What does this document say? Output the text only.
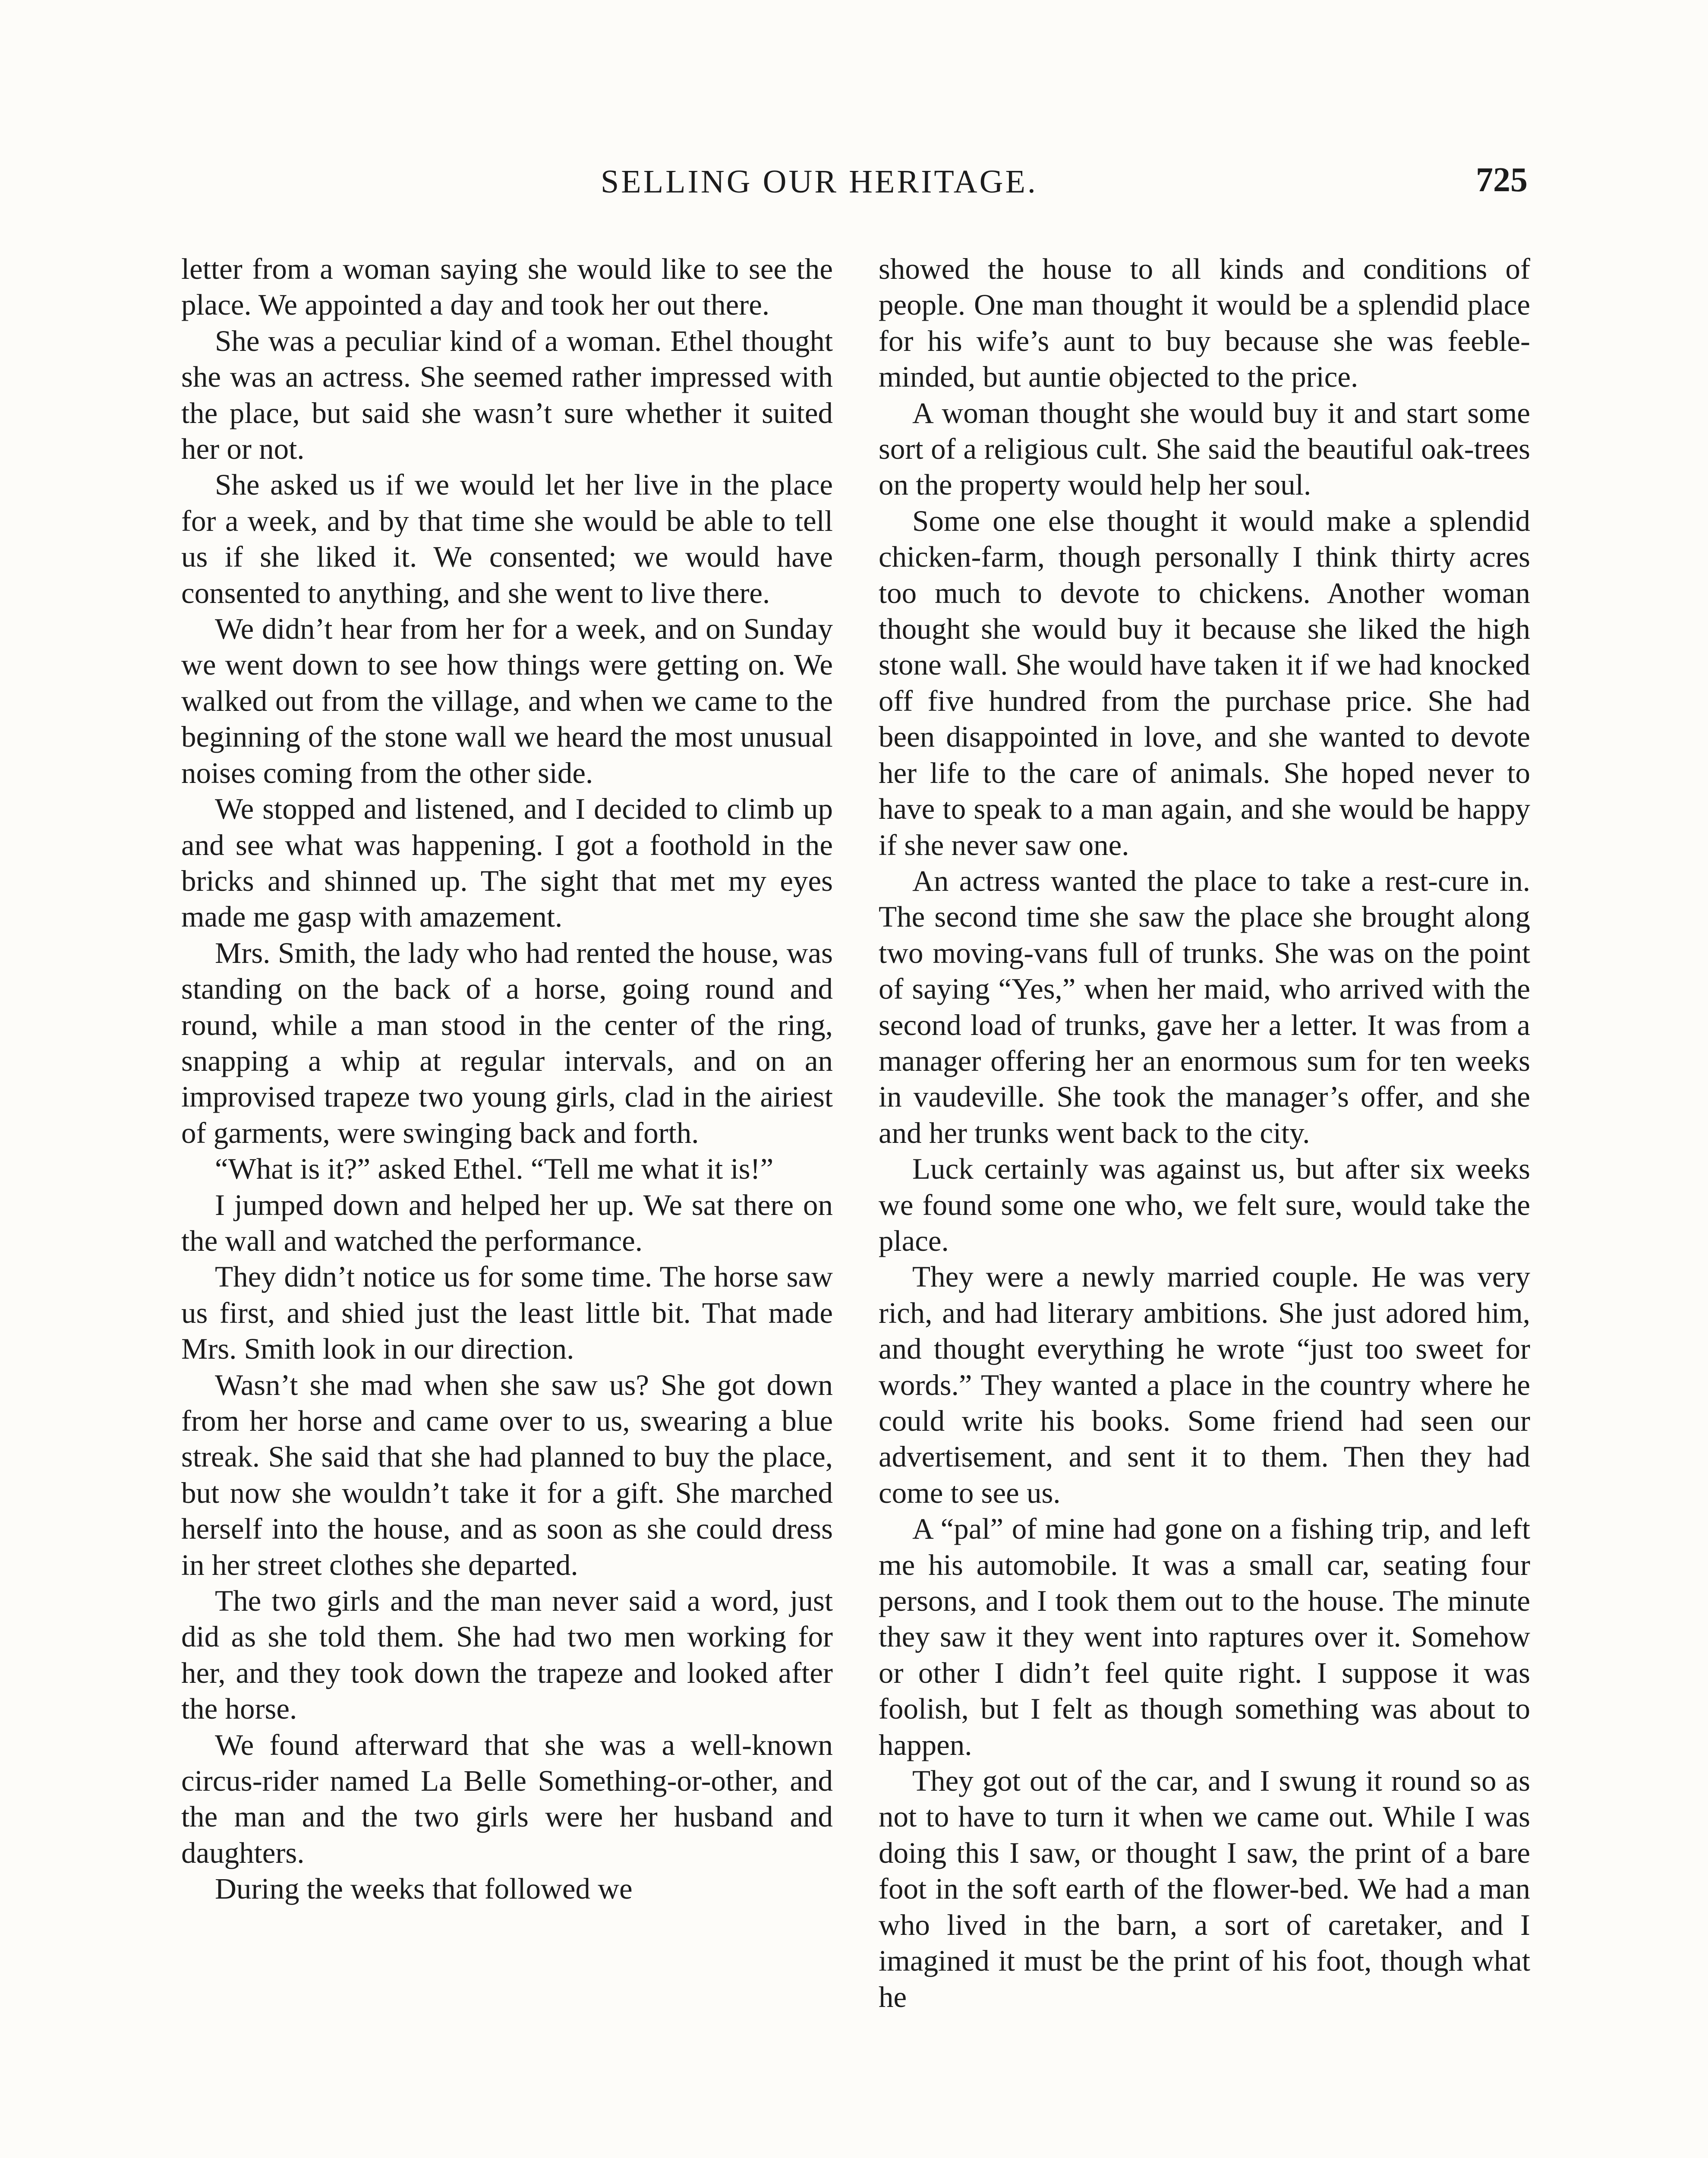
SELLING OUR HERITAGE.	725

letter from a woman saying she would like to see the place. We appointed a day and took her out there.

She was a peculiar kind of a woman. Ethel thought she was an actress. She seemed rather impressed with the place, but said she wasn’t sure whether it suited her or not.

She asked us if we would let her live in the place for a week, and by that time she would be able to tell us if she liked it. We consented; we would have consented to anything, and she went to live there.

We didn’t hear from her for a week, and on Sunday we went down to see how things were getting on. We walked out from the village, and when we came to the beginning of the stone wall we heard the most unusual noises coming from the other side.

We stopped and listened, and I decided to climb up and see what was happening. I got a foothold in the bricks and shinned up. The sight that met my eyes made me gasp with amazement.

Mrs. Smith, the lady who had rented the house, was standing on the back of a horse, going round and round, while a man stood in the center of the ring, snapping a whip at regular intervals, and on an improvised trapeze two young girls, clad in the airiest of garments, were swinging back and forth.

“What is it?” asked Ethel. “Tell me what it is!”

I jumped down and helped her up. We sat there on the wall and watched the performance.

They didn’t notice us for some time. The horse saw us first, and shied just the least little bit. That made Mrs. Smith look in our direction.

Wasn’t she mad when she saw us? She got down from her horse and came over to us, swearing a blue streak. She said that she had planned to buy the place, but now she wouldn’t take it for a gift. She marched herself into the house, and as soon as she could dress in her street clothes she departed.

The two girls and the man never said a word, just did as she told them. She had two men working for her, and they took down the trapeze and looked after the horse.

We found afterward that she was a well-known circus-rider named La Belle Something-or-other, and the man and the two girls were her husband and daughters.

During the weeks that followed we

showed the house to all kinds and conditions of people. One man thought it would be a splendid place for his wife’s aunt to buy because she was feeble-minded, but auntie objected to the price.

A woman thought she would buy it and start some sort of a religious cult. She said the beautiful oak-trees on the property would help her soul.

Some one else thought it would make a splendid chicken-farm, though personally I think thirty acres too much to devote to chickens. Another woman thought she would buy it because she liked the high stone wall. She would have taken it if we had knocked off five hundred from the purchase price. She had been disappointed in love, and she wanted to devote her life to the care of animals. She hoped never to have to speak to a man again, and she would be happy if she never saw one.

An actress wanted the place to take a rest-cure in. The second time she saw the place she brought along two moving-vans full of trunks. She was on the point of saying “Yes,” when her maid, who arrived with the second load of trunks, gave her a letter. It was from a manager offering her an enormous sum for ten weeks in vaudeville. She took the manager’s offer, and she and her trunks went back to the city.

Luck certainly was against us, but after six weeks we found some one who, we felt sure, would take the place.

They were a newly married couple. He was very rich, and had literary ambitions. She just adored him, and thought everything he wrote “just too sweet for words.” They wanted a place in the country where he could write his books. Some friend had seen our advertisement, and sent it to them. Then they had come to see us.

A “pal” of mine had gone on a fishing trip, and left me his automobile. It was a small car, seating four persons, and I took them out to the house. The minute they saw it they went into raptures over it. Somehow or other I didn’t feel quite right. I suppose it was foolish, but I felt as though something was about to happen.

They got out of the car, and I swung it round so as not to have to turn it when we came out. While I was doing this I saw, or thought I saw, the print of a bare foot in the soft earth of the flower-bed. We had a man who lived in the barn, a sort of caretaker, and I imagined it must be the print of his foot, though what he
